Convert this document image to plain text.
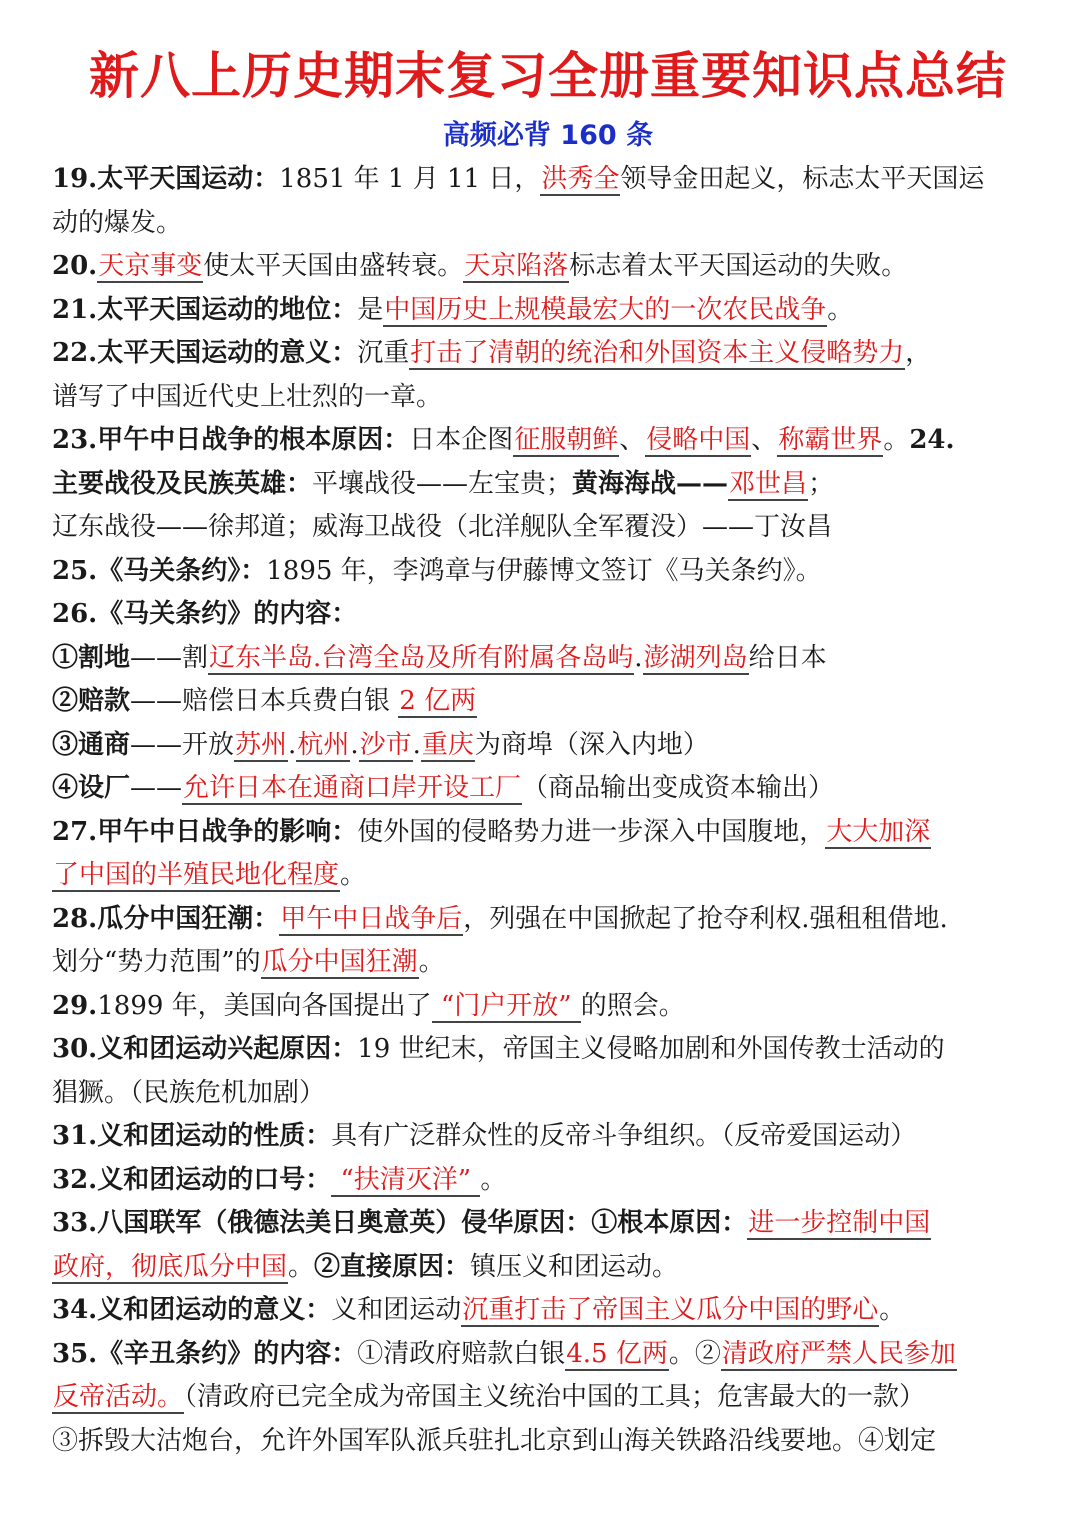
新八上历史期末复习全册重要知识点总结
高频必背 160 条
19.太平天国运动：1851 年 1 月 11 日，洪秀全领导金田起义，标志太平天国运
动的爆发。
20.天京事变使太平天国由盛转衰。天京陷落标志着太平天国运动的失败。
21.太平天国运动的地位：是中国历史上规模最宏大的一次农民战争。
22.太平天国运动的意义：沉重打击了清朝的统治和外国资本主义侵略势力，
谱写了中国近代史上壮烈的一章。
23.甲午中日战争的根本原因：日本企图征服朝鲜、侵略中国、称霸世界。24.
主要战役及民族英雄：平壤战役——左宝贵；黄海海战——邓世昌；
辽东战役——徐邦道；威海卫战役（北洋舰队全军覆没）——丁汝昌
25.《马关条约》：1895 年，李鸿章与伊藤博文签订《马关条约》。
26.《马关条约》的内容：
①割地——割辽东半岛.台湾全岛及所有附属各岛屿.澎湖列岛给日本
②赔款——赔偿日本兵费白银 2 亿两
③通商——开放苏州.杭州.沙市.重庆为商埠（深入内地）
④设厂——允许日本在通商口岸开设工厂（商品输出变成资本输出）
27.甲午中日战争的影响：使外国的侵略势力进一步深入中国腹地，大大加深
了中国的半殖民地化程度。
28.瓜分中国狂潮：甲午中日战争后，列强在中国掀起了抢夺利权.强租租借地.
划分“势力范围”的瓜分中国狂潮。
29.1899 年，美国向各国提出了 “门户开放” 的照会。
30.义和团运动兴起原因：19 世纪末，帝国主义侵略加剧和外国传教士活动的
猖獗。（民族危机加剧）
31.义和团运动的性质：具有广泛群众性的反帝斗争组织。（反帝爱国运动）
32.义和团运动的口号： “扶清灭洋” 。
33.八国联军（俄德法美日奥意英）侵华原因：①根本原因：进一步控制中国
政府，彻底瓜分中国。②直接原因：镇压义和团运动。
34.义和团运动的意义：义和团运动沉重打击了帝国主义瓜分中国的野心。
35.《辛丑条约》的内容：①清政府赔款白银4.5 亿两。②清政府严禁人民参加
反帝活动。（清政府已完全成为帝国主义统治中国的工具；危害最大的一款）
③拆毁大沽炮台，允许外国军队派兵驻扎北京到山海关铁路沿线要地。④划定
